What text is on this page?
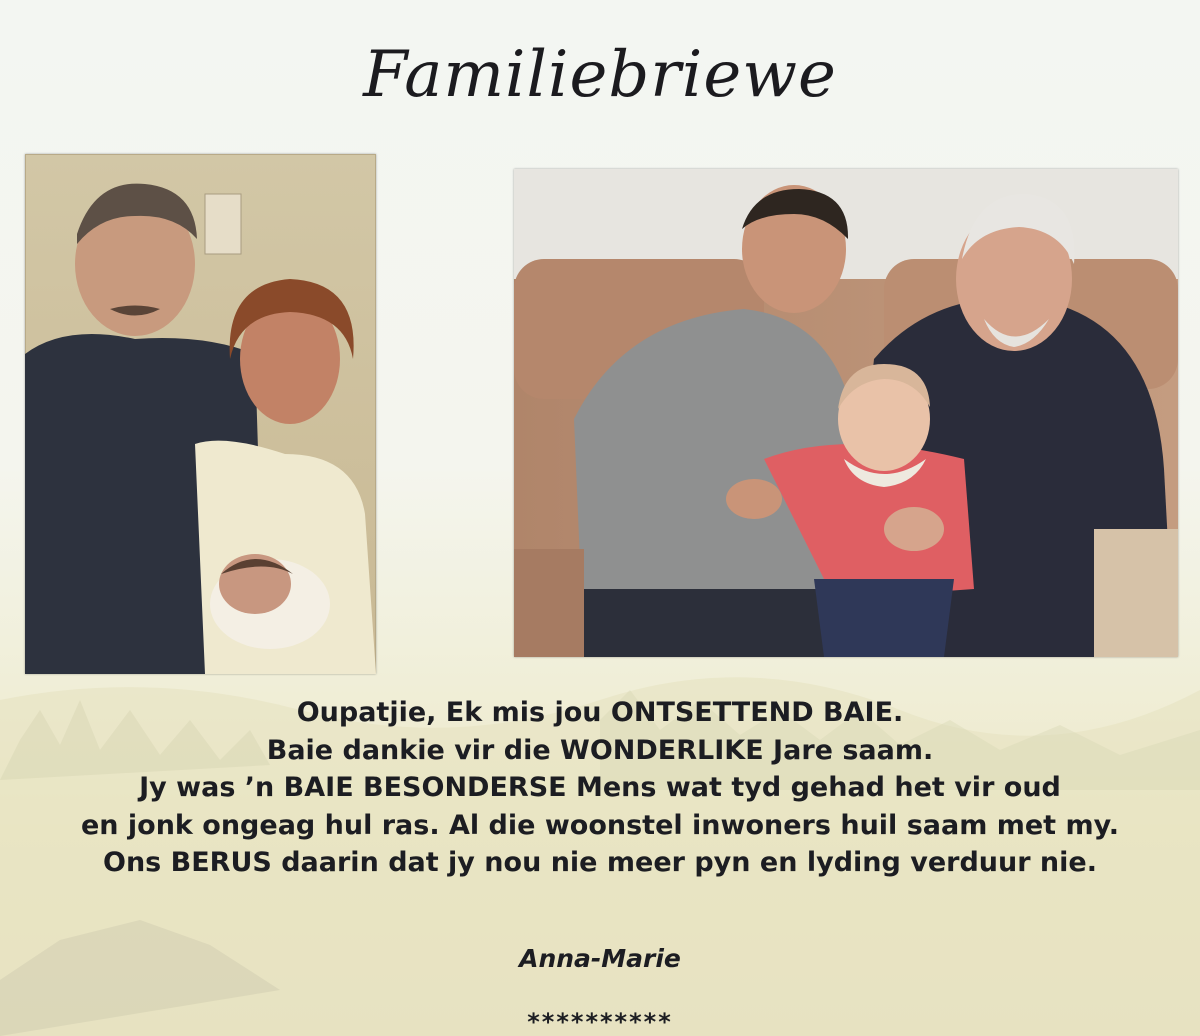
Familiebriewe
Oupatjie, Ek mis jou ONTSETTEND BAIE.
Baie dankie vir die WONDERLIKE Jare saam.
Jy was ’n BAIE BESONDERSE Mens wat tyd gehad het vir oud
en jonk ongeag hul ras. Al die woonstel inwoners huil saam met my.
Ons BERUS daarin dat jy nou nie meer pyn en lyding verduur nie.
Anna-Marie
**********
